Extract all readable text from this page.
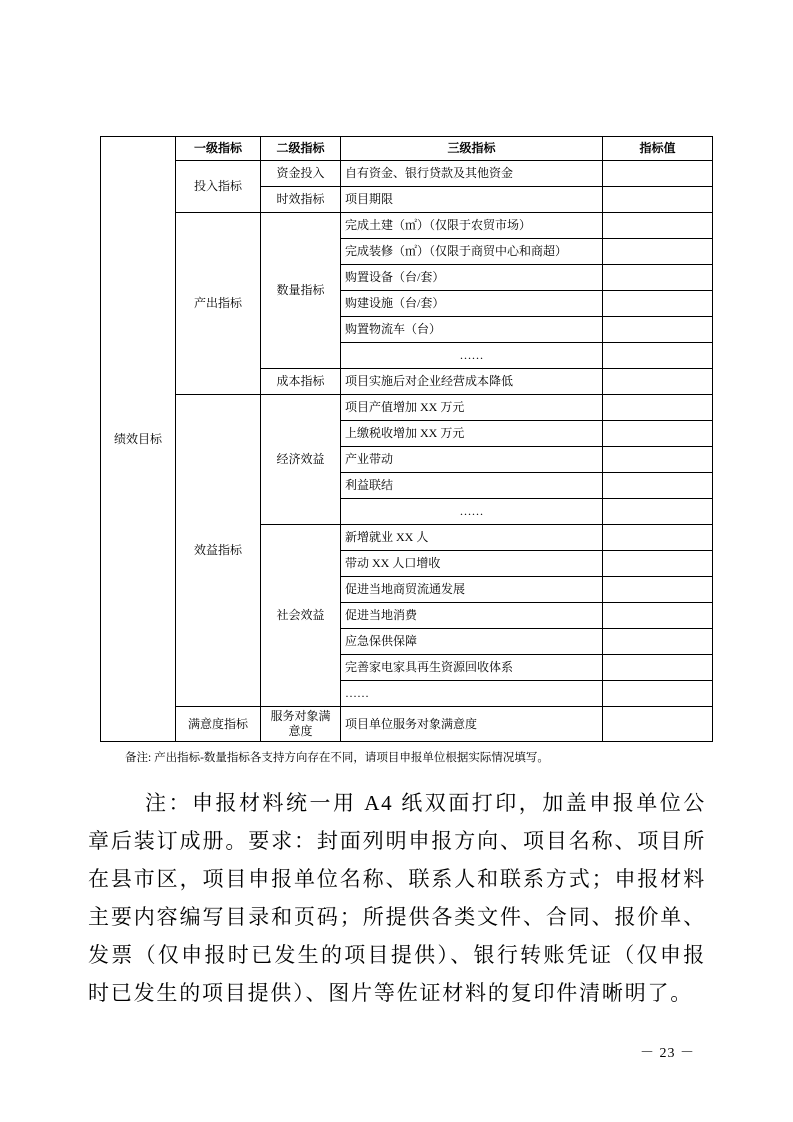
绩效目标	一级指标	二级指标	三级指标	指标值
	投入指标	资金投入	自有资金、银行贷款及其他资金	
		时效指标	项目期限	
	产出指标	数量指标	完成土建（㎡）（仅限于农贸市场）	
			完成装修（㎡）（仅限于商贸中心和商超）	
			购置设备（台/套）	
			购建设施（台/套）	
			购置物流车（台）	
			……	
		成本指标	项目实施后对企业经营成本降低	
	效益指标	经济效益	项目产值增加 XX 万元	
			上缴税收增加 XX 万元	
			产业带动	
			利益联结	
			……	
		社会效益	新增就业 XX 人	
			带动 XX 人口增收	
			促进当地商贸流通发展	
			促进当地消费	
			应急保供保障	
			完善家电家具再生资源回收体系	
			……	
	满意度指标	服务对象满意度	项目单位服务对象满意度	
备注: 产出指标-数量指标各支持方向存在不同，请项目申报单位根据实际情况填写。

注：申报材料统一用 A4 纸双面打印，加盖申报单位公章后装订成册。要求：封面列明申报方向、项目名称、项目所在县市区，项目申报单位名称、联系人和联系方式；申报材料主要内容编写目录和页码；所提供各类文件、合同、报价单、发票（仅申报时已发生的项目提供）、银行转账凭证（仅申报时已发生的项目提供）、图片等佐证材料的复印件清晰明了。

－ 23 －
